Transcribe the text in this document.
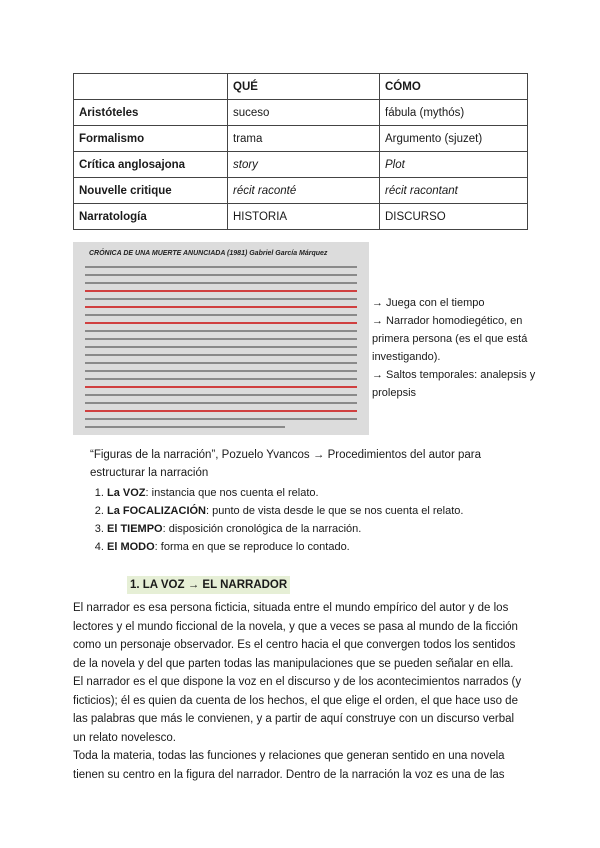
	QUÉ	CÓMO
Aristóteles	suceso	fábula (mythós)
Formalismo	trama	Argumento (sjuzet)
Crítica anglosajona	story	Plot
Nouvelle critique	récit raconté	récit racontant
Narratología	HISTORIA	DISCURSO
CRÓNICA DE UNA MUERTE ANUNCIADA (1981) Gabriel García Márquez

→ Juega con el tiempo

→ Narrador homodiegético, en primera persona (es el que está investigando).

→ Saltos temporales: analepsis y prolepsis

“Figuras de la narración”, Pozuelo Yvancos → Procedimientos del autor para estructurar la narración
1. La VOZ: instancia que nos cuenta el relato.
2. La FOCALIZACIÓN: punto de vista desde le que se nos cuenta el relato.
3. El TIEMPO: disposición cronológica de la narración.
4. El MODO: forma en que se reproduce lo contado.
1. LA VOZ → EL NARRADOR

El narrador es esa persona ficticia, situada entre el mundo empírico del autor y de los lectores y el mundo ficcional de la novela, y que a veces se pasa al mundo de la ficción como un personaje observador. Es el centro hacia el que convergen todos los sentidos de la novela y del que parten todas las manipulaciones que se pueden señalar en ella. El narrador es el que dispone la voz en el discurso y de los acontecimientos narrados (y ficticios); él es quien da cuenta de los hechos, el que elige el orden, el que hace uso de las palabras que más le convienen, y a partir de aquí construye con un discurso verbal un relato novelesco.

Toda la materia, todas las funciones y relaciones que generan sentido en una novela tienen su centro en la figura del narrador. Dentro de la narración la voz es una de las
